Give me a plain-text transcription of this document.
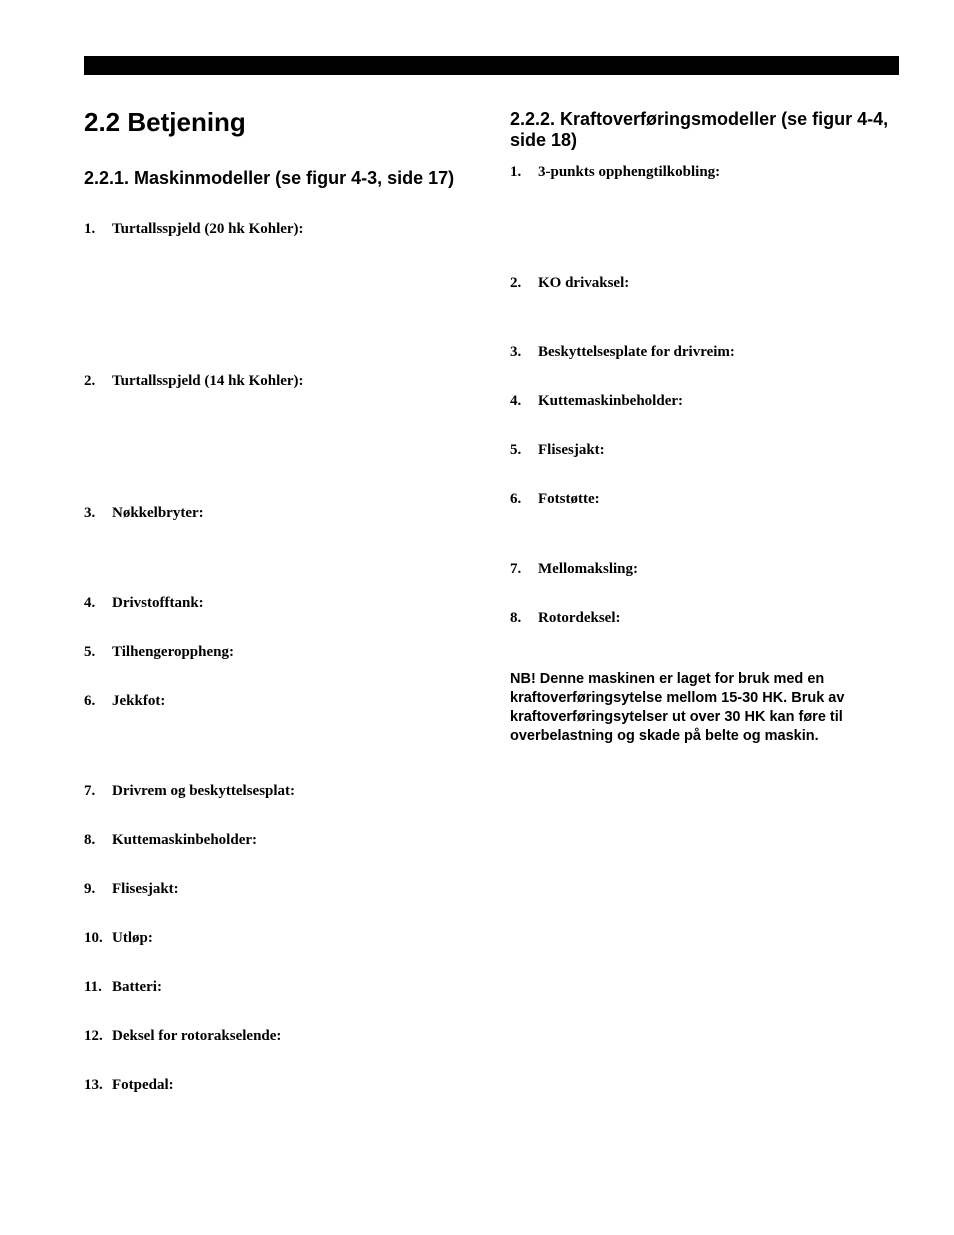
2.2 Betjening
2.2.1. Maskinmodeller (se figur 4-3, side 17)
1. Turtallsspjeld (20 hk Kohler):
2. Turtallsspjeld (14 hk Kohler):
3. Nøkkelbryter:
4. Drivstofftank:
5. Tilhengeroppheng:
6. Jekkfot:
7. Drivrem og beskyttelsesplat:
8. Kuttemaskinbeholder:
9. Flisesjakt:
10. Utløp:
11. Batteri:
12. Deksel for rotorakselende:
13. Fotpedal:
2.2.2. Kraftoverføringsmodeller (se figur 4-4, side 18)
1. 3-punkts opphengtilkobling:
2. KO drivaksel:
3. Beskyttelsesplate for drivreim:
4. Kuttemaskinbeholder:
5. Flisesjakt:
6. Fotstøtte:
7. Mellomaksling:
8. Rotordeksel:

NB! Denne maskinen er laget for bruk med en kraftoverføringsytelse mellom 15-30 HK. Bruk av kraftoverføringsytelser ut over 30 HK kan føre til overbelastning og skade på belte og maskin.
